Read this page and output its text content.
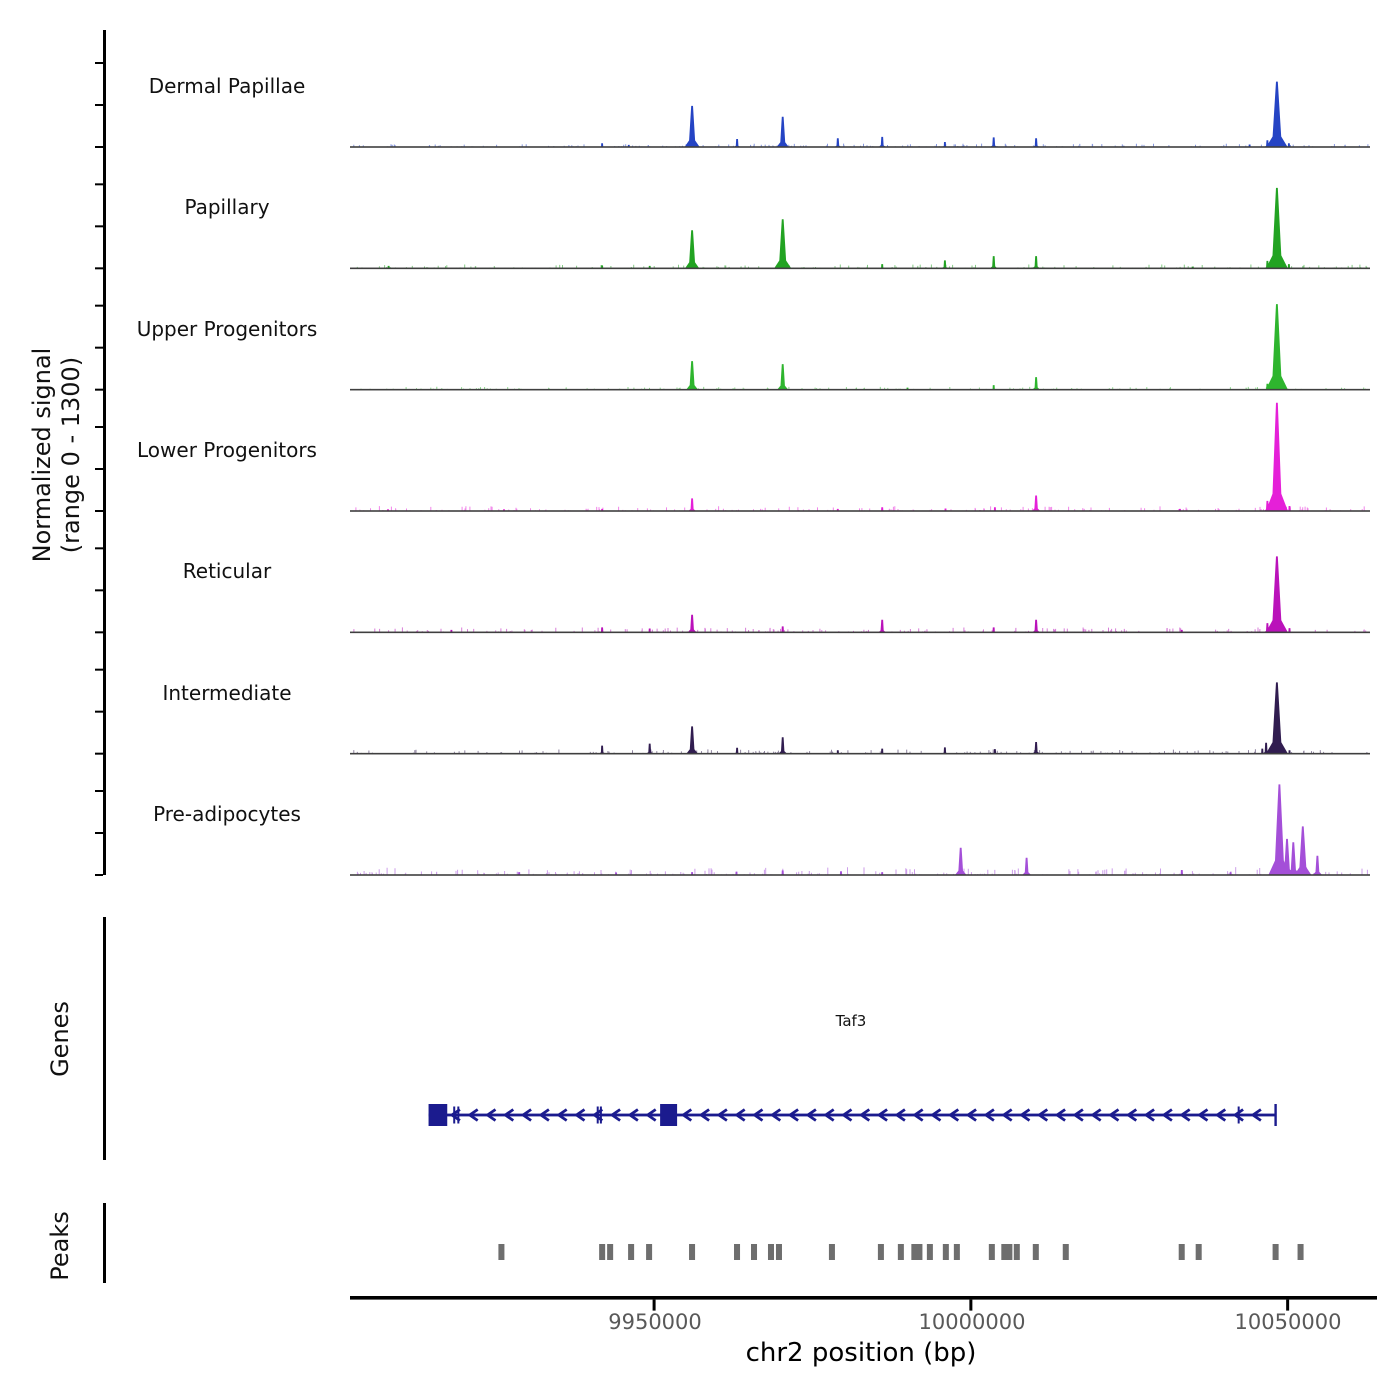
Normalized signal (range 0 - 1300)
Dermal Papillae
Papillary
Upper Progenitors
Lower Progenitors
Reticular
Intermediate
Pre-adipocytes
Genes	Taf3
Peaks
9950000	10000000	10050000
chr2 position (bp)
